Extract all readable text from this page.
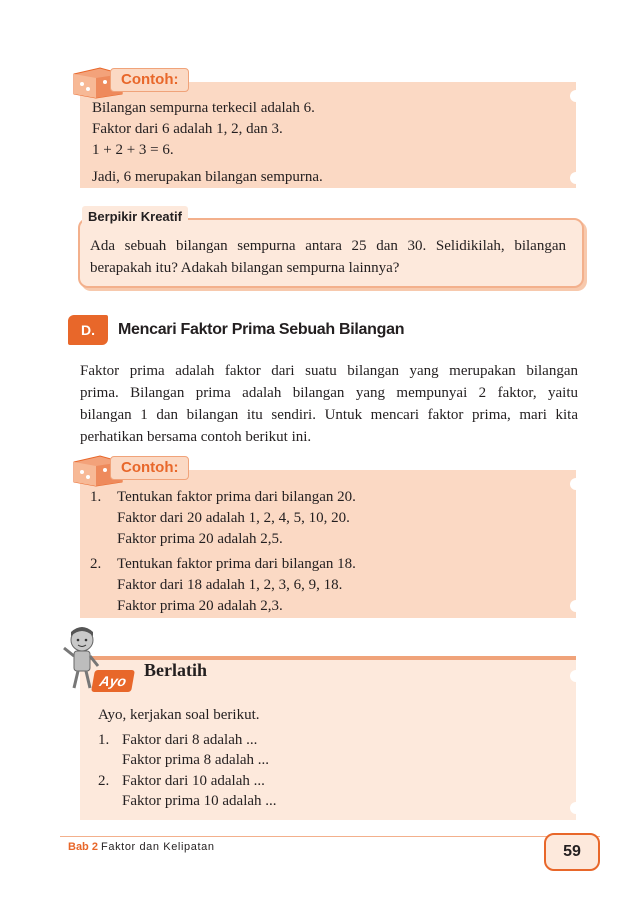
Contoh:
Bilangan sempurna terkecil adalah 6.
Faktor dari 6 adalah 1, 2, dan 3.
1 + 2 + 3 = 6.
Jadi, 6 merupakan bilangan sempurna.
Berpikir Kreatif
Ada sebuah bilangan sempurna antara 25 dan 30. Selidikilah, bilangan
berapakah itu? Adakah bilangan sempurna lainnya?
D.	Mencari Faktor Prima Sebuah Bilangan
Faktor prima adalah faktor dari suatu bilangan yang merupakan bilangan
prima. Bilangan prima adalah bilangan yang mempunyai 2 faktor, yaitu
bilangan 1 dan bilangan itu sendiri. Untuk mencari faktor prima, mari kita
perhatikan bersama contoh berikut ini.
Contoh:
1. Tentukan faktor prima dari bilangan 20.
Faktor dari 20 adalah 1, 2, 4, 5, 10, 20.
Faktor prima 20 adalah 2,5.
2. Tentukan faktor prima dari bilangan 18.
Faktor dari 18 adalah 1, 2, 3, 6, 9, 18.
Faktor prima 20 adalah 2,3.
Ayo
Berlatih
Ayo, kerjakan soal berikut.
1. Faktor dari 8 adalah ...
Faktor prima 8 adalah ...
2. Faktor dari 10 adalah ...
Faktor prima 10 adalah ...
Bab 2 Faktor dan Kelipatan	59
